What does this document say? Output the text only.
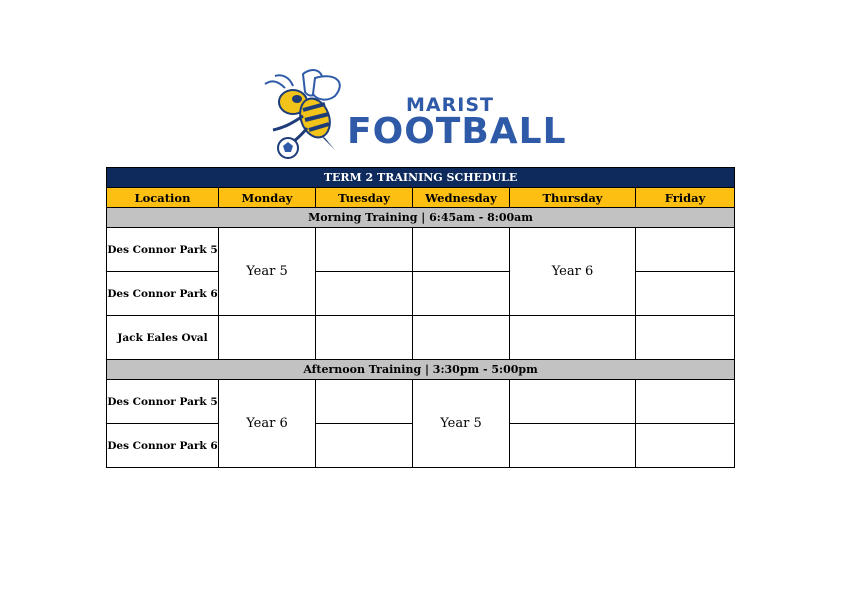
MARIST
FOOTBALL
TERM 2 TRAINING SCHEDULE					
Location	Monday	Tuesday	Wednesday	Thursday	Friday
Morning Training | 6:45am - 8:00am					
Des Connor Park 5	Year 5			Year 6	
Des Connor Park 6					
Jack Eales Oval					
Afternoon Training | 3:30pm - 5:00pm					
Des Connor Park 5	Year 6		Year 5		
Des Connor Park 6					
